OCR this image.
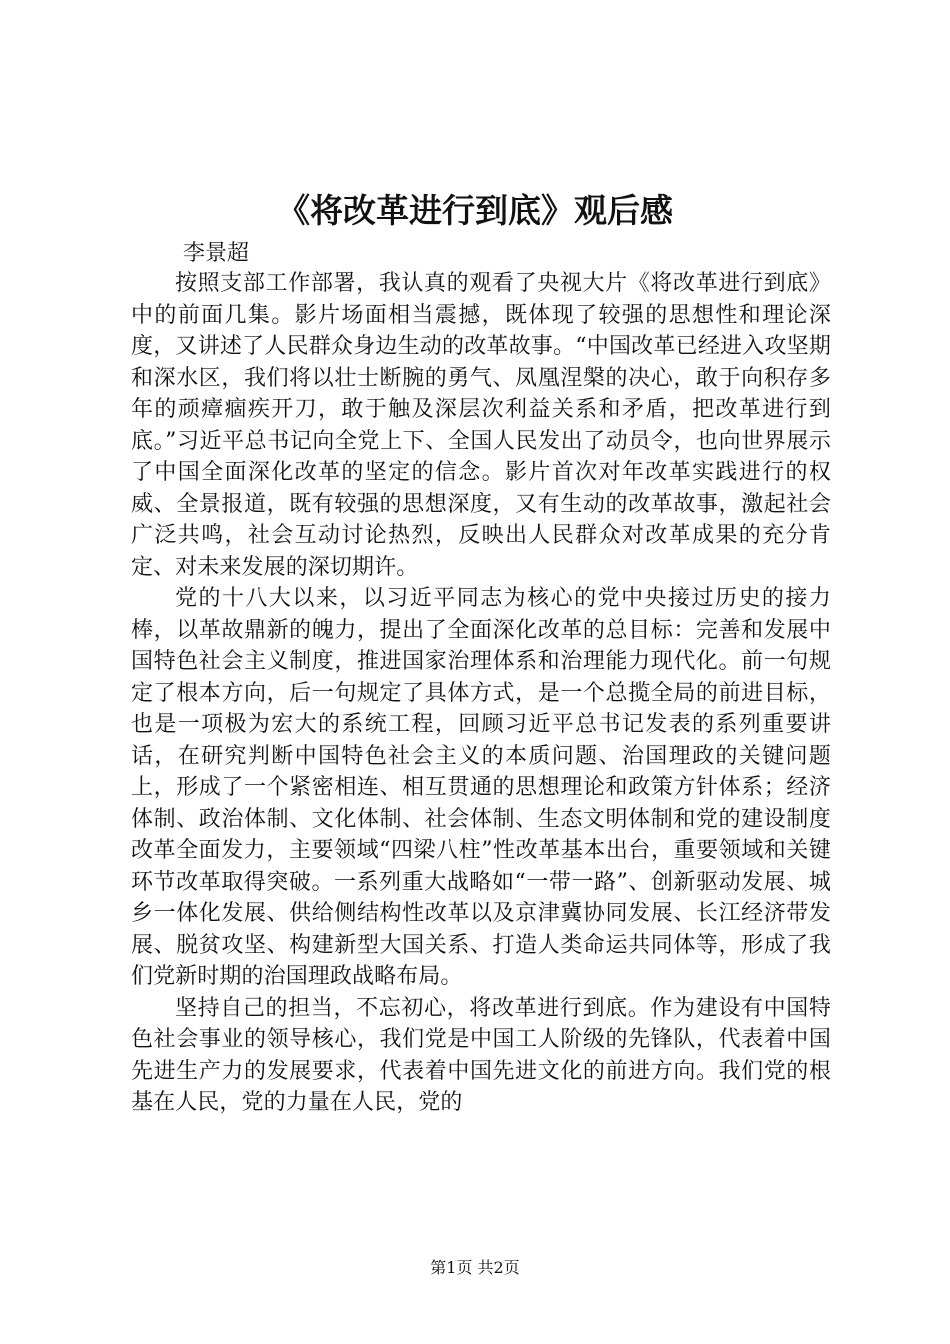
《将改革进行到底》观后感

李景超

按照支部工作部署，我认真的观看了央视大片《将改革进行到底》中的前面几集。影片场面相当震撼，既体现了较强的思想性和理论深度，又讲述了人民群众身边生动的改革故事。“中国改革已经进入攻坚期和深水区，我们将以壮士断腕的勇气、凤凰涅槃的决心，敢于向积存多年的顽瘴痼疾开刀，敢于触及深层次利益关系和矛盾，把改革进行到底。”习近平总书记向全党上下、全国人民发出了动员令，也向世界展示了中国全面深化改革的坚定的信念。影片首次对年改革实践进行的权威、全景报道，既有较强的思想深度，又有生动的改革故事，激起社会广泛共鸣，社会互动讨论热烈，反映出人民群众对改革成果的充分肯定、对未来发展的深切期许。

党的十八大以来，以习近平同志为核心的党中央接过历史的接力棒，以革故鼎新的魄力，提出了全面深化改革的总目标：完善和发展中国特色社会主义制度，推进国家治理体系和治理能力现代化。前一句规定了根本方向，后一句规定了具体方式，是一个总揽全局的前进目标，也是一项极为宏大的系统工程，回顾习近平总书记发表的系列重要讲话，在研究判断中国特色社会主义的本质问题、治国理政的关键问题上，形成了一个紧密相连、相互贯通的思想理论和政策方针体系；经济体制、政治体制、文化体制、社会体制、生态文明体制和党的建设制度改革全面发力，主要领域“四梁八柱”性改革基本出台，重要领域和关键环节改革取得突破。一系列重大战略如“一带一路”、创新驱动发展、城乡一体化发展、供给侧结构性改革以及京津冀协同发展、长江经济带发展、脱贫攻坚、构建新型大国关系、打造人类命运共同体等，形成了我们党新时期的治国理政战略布局。

坚持自己的担当，不忘初心，将改革进行到底。作为建设有中国特色社会事业的领导核心，我们党是中国工人阶级的先锋队，代表着中国先进生产力的发展要求，代表着中国先进文化的前进方向。我们党的根基在人民，党的力量在人民，党的

第1页 共2页
